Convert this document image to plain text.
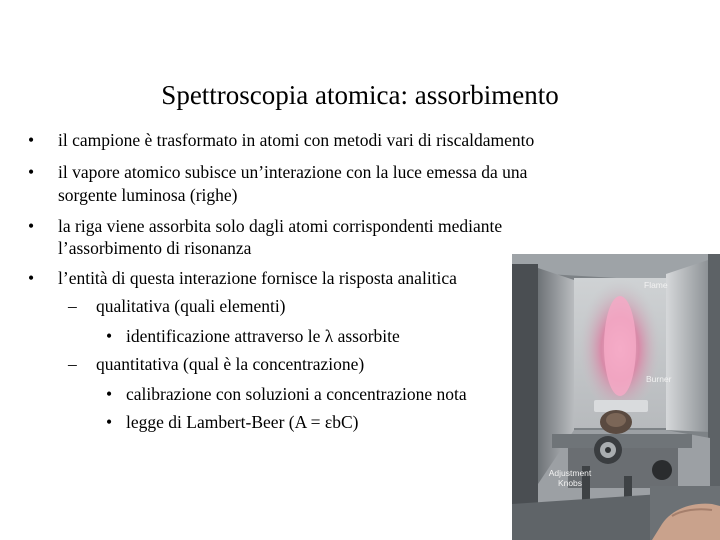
Spettroscopia atomica: assorbimento
Flame
Burner
Adjustment
Knobs
• il campione è trasformato in atomi con metodi vari di riscaldamento
• il vapore atomico subisce un’interazione con la luce emessa da una
sorgente luminosa (righe)
• la riga viene assorbita solo dagli atomi corrispondenti mediante
l’assorbimento di risonanza
• l’entità di questa interazione fornisce la risposta analitica
– qualitativa (quali elementi)
• identificazione attraverso le λ assorbite
– quantitativa (qual è la concentrazione)
• calibrazione con soluzioni a concentrazione nota
• legge di Lambert-Beer (A = εbC)
